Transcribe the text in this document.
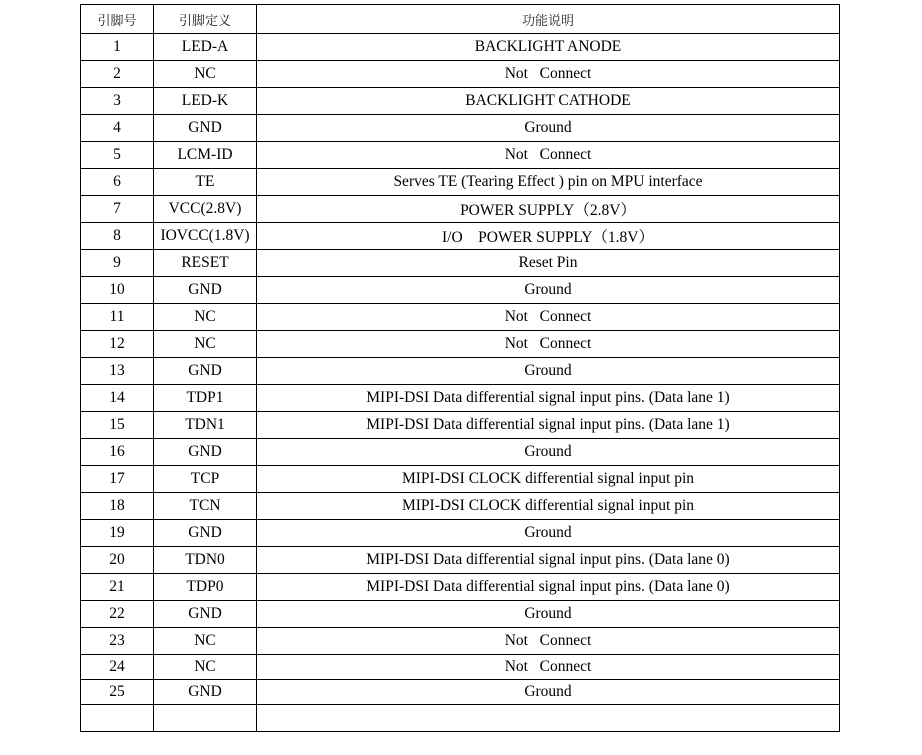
引脚号	引脚定义	功能说明
1	LED-A	BACKLIGHT ANODE
2	NC	Not   Connect
3	LED-K	BACKLIGHT CATHODE
4	GND	Ground
5	LCM-ID	Not   Connect
6	TE	Serves TE (Tearing Effect ) pin on MPU interface
7	VCC(2.8V)	POWER SUPPLY（2.8V）
8	IOVCC(1.8V)	I/O    POWER SUPPLY（1.8V）
9	RESET	Reset Pin
10	GND	Ground
11	NC	Not   Connect
12	NC	Not   Connect
13	GND	Ground
14	TDP1	MIPI-DSI Data differential signal input pins. (Data lane 1)
15	TDN1	MIPI-DSI Data differential signal input pins. (Data lane 1)
16	GND	Ground
17	TCP	MIPI-DSI CLOCK differential signal input pin
18	TCN	MIPI-DSI CLOCK differential signal input pin
19	GND	Ground
20	TDN0	MIPI-DSI Data differential signal input pins. (Data lane 0)
21	TDP0	MIPI-DSI Data differential signal input pins. (Data lane 0)
22	GND	Ground
23	NC	Not   Connect
24	NC	Not   Connect
25	GND	Ground
